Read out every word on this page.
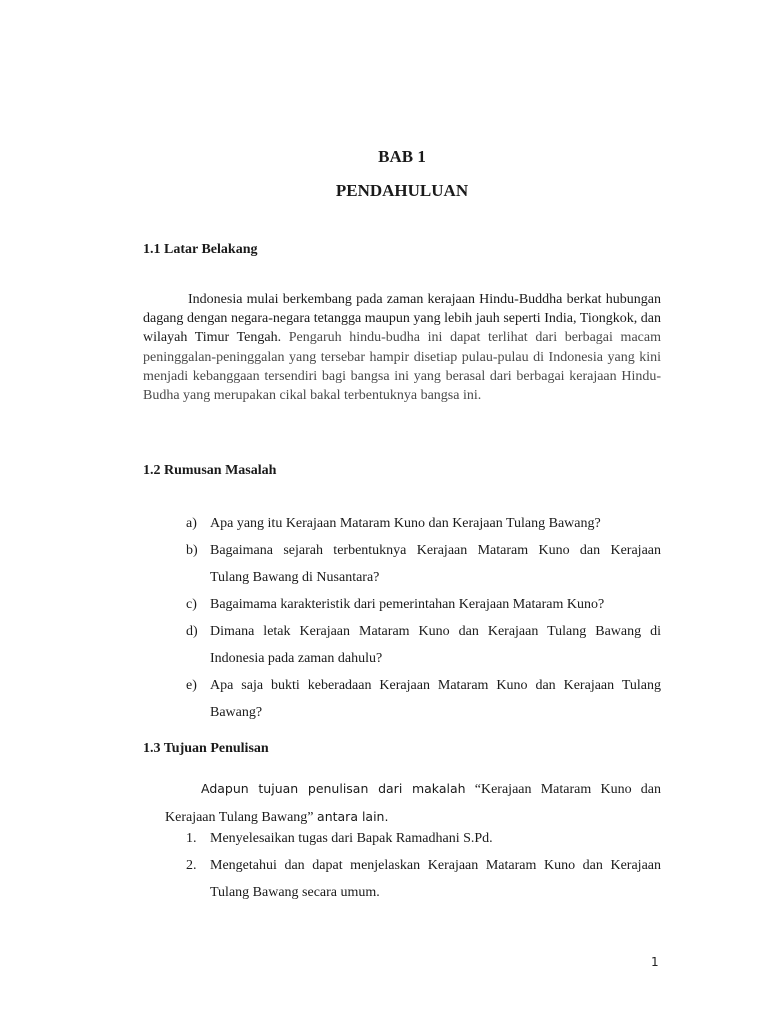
BAB 1
PENDAHULUAN
1.1 Latar Belakang

Indonesia mulai berkembang pada zaman kerajaan Hindu-Buddha berkat hubungan dagang dengan negara-negara tetangga maupun yang lebih jauh seperti India, Tiongkok, dan wilayah Timur Tengah. Pengaruh hindu-budha ini dapat terlihat dari berbagai macam peninggalan-peninggalan yang tersebar hampir disetiap pulau-pulau di Indonesia yang kini menjadi kebanggaan tersendiri bagi bangsa ini yang berasal dari berbagai kerajaan Hindu-Budha yang merupakan cikal bakal terbentuknya bangsa ini.

1.2 Rumusan Masalah
a) Apa yang itu Kerajaan Mataram Kuno dan Kerajaan Tulang Bawang?
b) Bagaimana sejarah terbentuknya Kerajaan Mataram Kuno dan Kerajaan
Tulang Bawang di Nusantara?
c) Bagaimama karakteristik dari pemerintahan Kerajaan Mataram Kuno?
d) Dimana letak Kerajaan Mataram Kuno dan Kerajaan Tulang Bawang di
Indonesia pada zaman dahulu?
e) Apa saja bukti keberadaan Kerajaan Mataram Kuno dan Kerajaan Tulang
Bawang?
1.3 Tujuan Penulisan

Adapun tujuan penulisan dari makalah “Kerajaan Mataram Kuno dan Kerajaan Tulang Bawang” antara lain.

1. Menyelesaikan tugas dari Bapak Ramadhani S.Pd.
2. Mengetahui dan dapat menjelaskan Kerajaan Mataram Kuno dan Kerajaan
Tulang Bawang secara umum.
1
